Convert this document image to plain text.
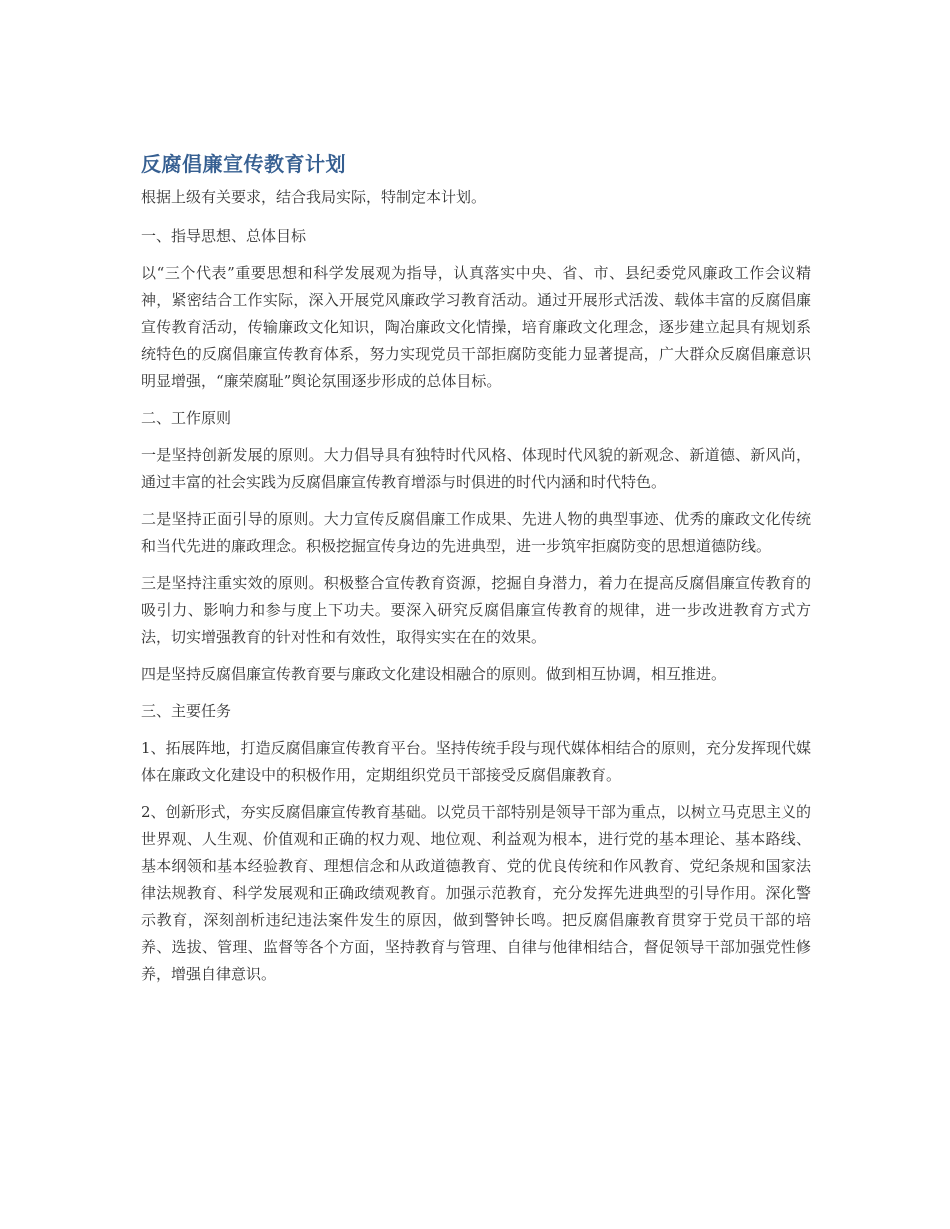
反腐倡廉宣传教育计划

根据上级有关要求，结合我局实际，特制定本计划。

一、指导思想、总体目标

以“三个代表”重要思想和科学发展观为指导，认真落实中央、省、市、县纪委党风廉政工作会议精神，紧密结合工作实际，深入开展党风廉政学习教育活动。通过开展形式活泼、载体丰富的反腐倡廉宣传教育活动，传输廉政文化知识，陶冶廉政文化情操，培育廉政文化理念，逐步建立起具有规划系统特色的反腐倡廉宣传教育体系，努力实现党员干部拒腐防变能力显著提高，广大群众反腐倡廉意识明显增强，“廉荣腐耻”舆论氛围逐步形成的总体目标。

二、工作原则

一是坚持创新发展的原则。大力倡导具有独特时代风格、体现时代风貌的新观念、新道德、新风尚，通过丰富的社会实践为反腐倡廉宣传教育增添与时俱进的时代内涵和时代特色。

二是坚持正面引导的原则。大力宣传反腐倡廉工作成果、先进人物的典型事迹、优秀的廉政文化传统和当代先进的廉政理念。积极挖掘宣传身边的先进典型，进一步筑牢拒腐防变的思想道德防线。

三是坚持注重实效的原则。积极整合宣传教育资源，挖掘自身潜力，着力在提高反腐倡廉宣传教育的吸引力、影响力和参与度上下功夫。要深入研究反腐倡廉宣传教育的规律，进一步改进教育方式方法，切实增强教育的针对性和有效性，取得实实在在的效果。

四是坚持反腐倡廉宣传教育要与廉政文化建设相融合的原则。做到相互协调，相互推进。

三、主要任务

1、拓展阵地，打造反腐倡廉宣传教育平台。坚持传统手段与现代媒体相结合的原则，充分发挥现代媒体在廉政文化建设中的积极作用，定期组织党员干部接受反腐倡廉教育。

2、创新形式，夯实反腐倡廉宣传教育基础。以党员干部特别是领导干部为重点，以树立马克思主义的世界观、人生观、价值观和正确的权力观、地位观、利益观为根本，进行党的基本理论、基本路线、基本纲领和基本经验教育、理想信念和从政道德教育、党的优良传统和作风教育、党纪条规和国家法律法规教育、科学发展观和正确政绩观教育。加强示范教育，充分发挥先进典型的引导作用。深化警示教育，深刻剖析违纪违法案件发生的原因，做到警钟长鸣。把反腐倡廉教育贯穿于党员干部的培养、选拔、管理、监督等各个方面，坚持教育与管理、自律与他律相结合，督促领导干部加强党性修养，增强自律意识。
